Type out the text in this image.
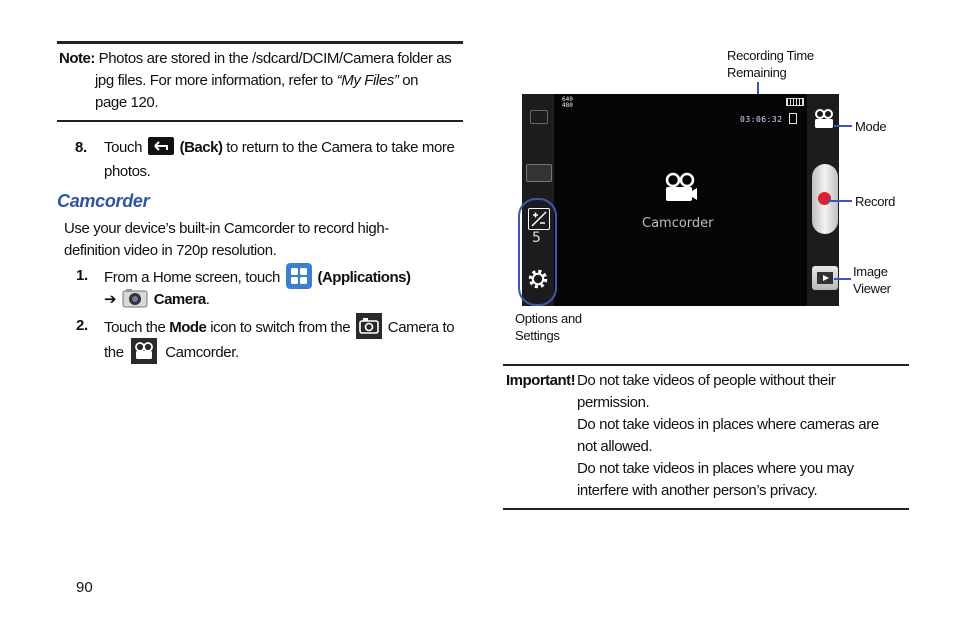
Note: Photos are stored in the /sdcard/DCIM/Camera folder as
jpg files. For more information, refer to “My Files” on
page 120.
8. Touch	(Back) to return to the Camera to take more
photos.
Camcorder
Use your device’s built-in Camcorder to record high-
definition video in 720p resolution.
1. From a Home screen, touch	(Applications)
➔	Camera.
2. Touch the Mode icon to switch from the	Camera to
the	Camcorder.
Recording Time
Remaining
5
640
480
03:06:32
Camcorder
Mode
Record
Image
Viewer
Options and
Settings
Important! Do not take videos of people without their
permission.
Do not take videos in places where cameras are
not allowed.
Do not take videos in places where you may
interfere with another person’s privacy.
90
